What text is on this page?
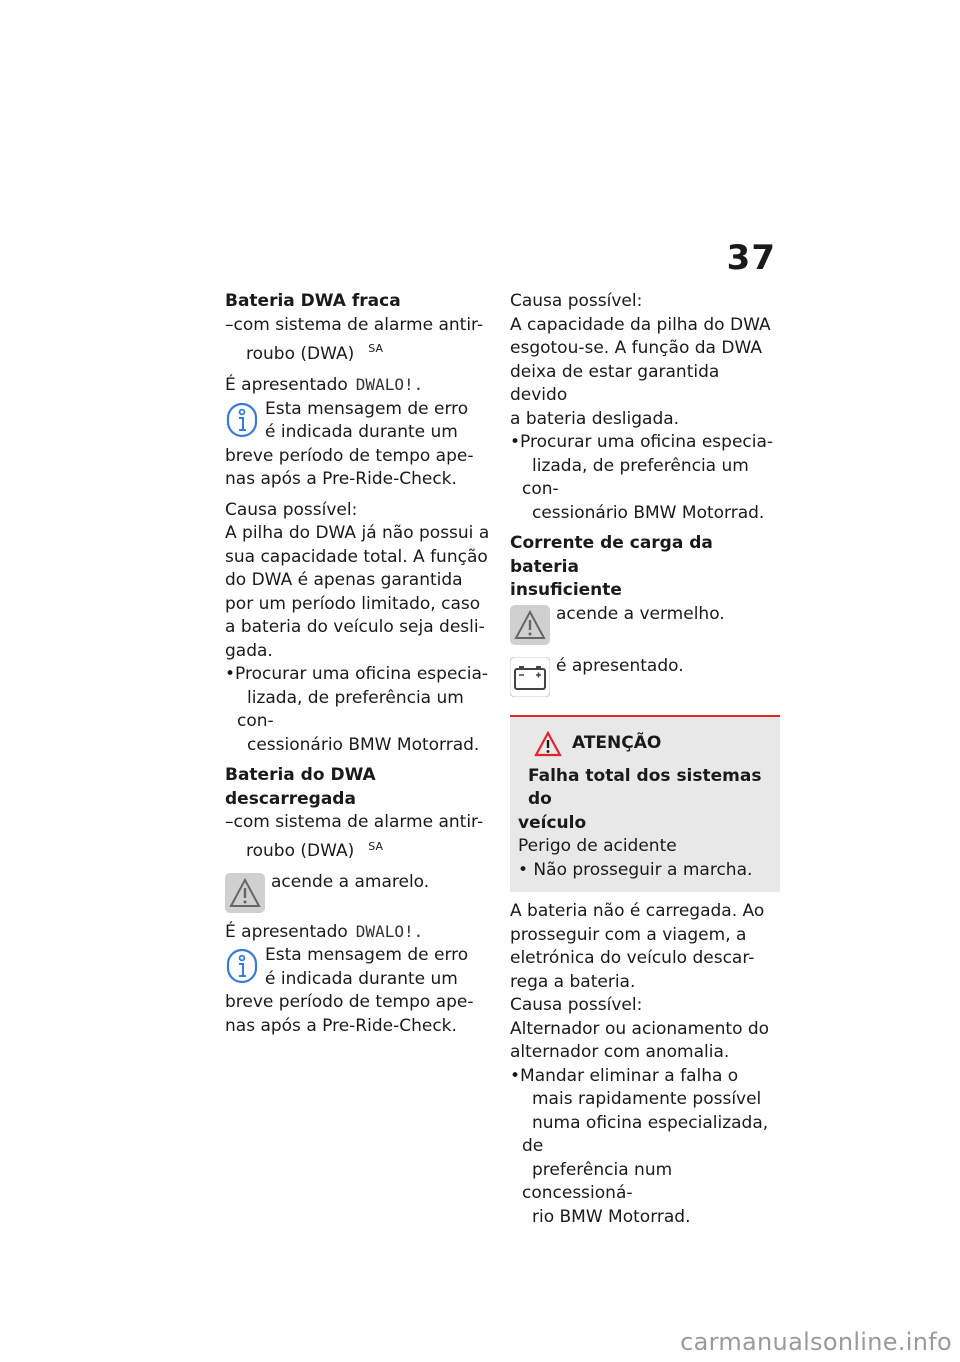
37

Bateria DWA fraca

–com sistema de alarme antir-
roubo (DWA) $^{SA}$

É apresentado DWALO!.

Esta mensagem de erro
é indicada durante um
breve período de tempo ape-
nas após a Pre-Ride-Check.

Causa possível:

A pilha do DWA já não possui a
sua capacidade total. A função
do DWA é apenas garantida
por um período limitado, caso
a bateria do veículo seja desli-
gada.

•Procurar uma oficina especia-
lizada, de preferência um con-
cessionário BMW Motorrad.

Bateria do DWA descarregada

–com sistema de alarme antir-
roubo (DWA) $^{SA}$
acende a amarelo.

É apresentado DWALO!.

Esta mensagem de erro
é indicada durante um
breve período de tempo ape-
nas após a Pre-Ride-Check.

Causa possível:

A capacidade da pilha do DWA
esgotou-se. A função da DWA
deixa de estar garantida devido
a bateria desligada.

•Procurar uma oficina especia-
lizada, de preferência um con-
cessionário BMW Motorrad.

Corrente de carga da bateria
insuficiente

acende a vermelho.
é apresentado.
ATENÇÃO
Falha total dos sistemas do
veículo
Perigo de acidente
• Não prosseguir a marcha.

A bateria não é carregada. Ao
prosseguir com a viagem, a
eletrónica do veículo descar-
rega a bateria.

Causa possível:

Alternador ou acionamento do
alternador com anomalia.

•Mandar eliminar a falha o
mais rapidamente possível
numa oficina especializada, de
preferência num concessioná-
rio BMW Motorrad.
carmanualsonline.info
